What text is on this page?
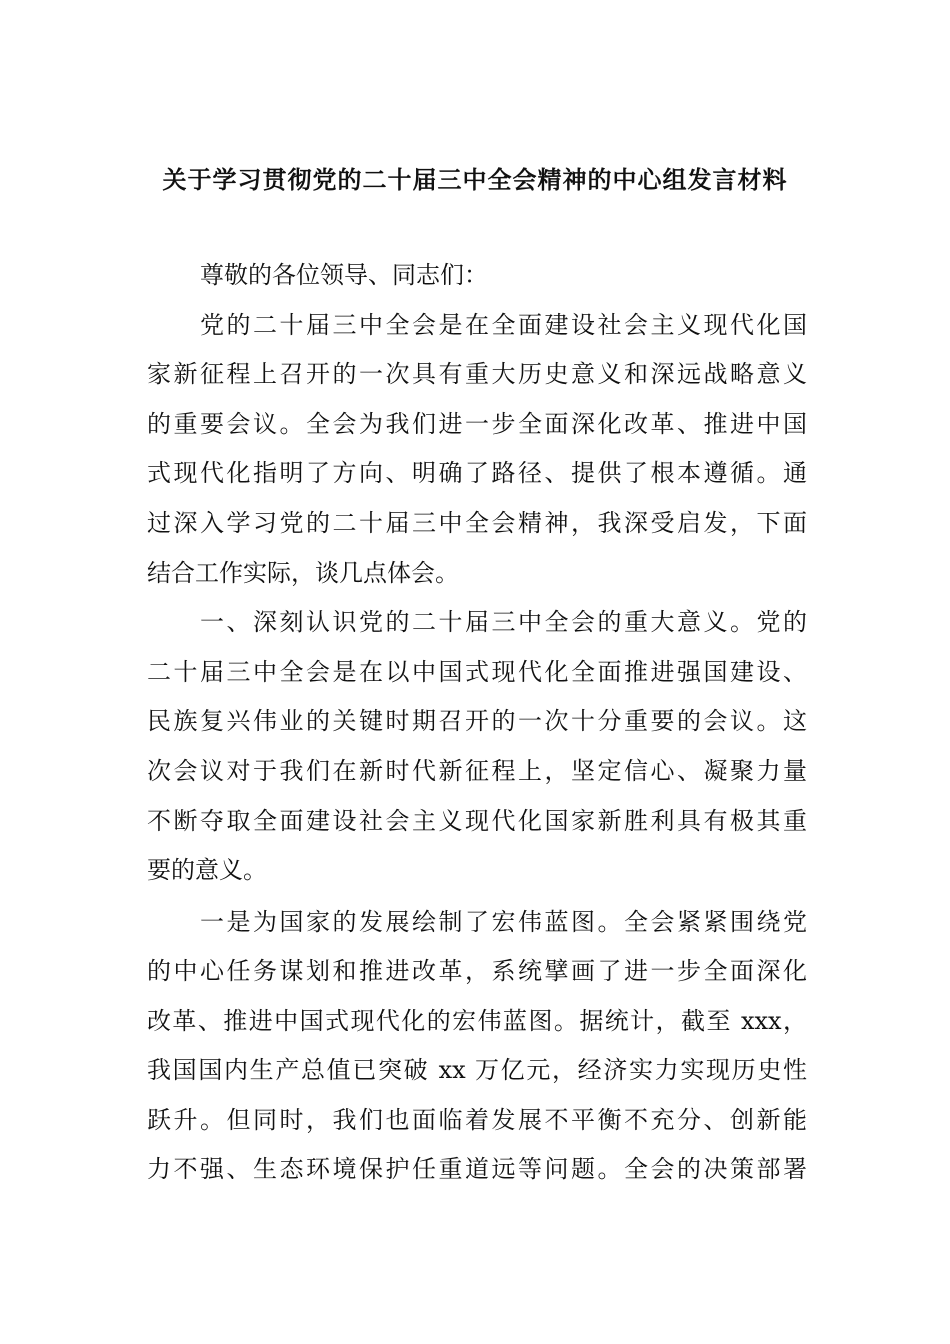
关于学习贯彻党的二十届三中全会精神的中心组发言材料
尊敬的各位领导、同志们：
党的二十届三中全会是在全面建设社会主义现代化国
家新征程上召开的一次具有重大历史意义和深远战略意义
的重要会议。全会为我们进一步全面深化改革、推进中国
式现代化指明了方向、明确了路径、提供了根本遵循。通
过深入学习党的二十届三中全会精神，我深受启发，下面
结合工作实际，谈几点体会。
一、深刻认识党的二十届三中全会的重大意义。党的
二十届三中全会是在以中国式现代化全面推进强国建设、
民族复兴伟业的关键时期召开的一次十分重要的会议。这
次会议对于我们在新时代新征程上，坚定信心、凝聚力量
不断夺取全面建设社会主义现代化国家新胜利具有极其重
要的意义。
一是为国家的发展绘制了宏伟蓝图。全会紧紧围绕党
的中心任务谋划和推进改革，系统擘画了进一步全面深化
改革、推进中国式现代化的宏伟蓝图。据统计，截至 xxx，
我国国内生产总值已突破 xx 万亿元，经济实力实现历史性
跃升。但同时，我们也面临着发展不平衡不充分、创新能
力不强、生态环境保护任重道远等问题。全会的决策部署
